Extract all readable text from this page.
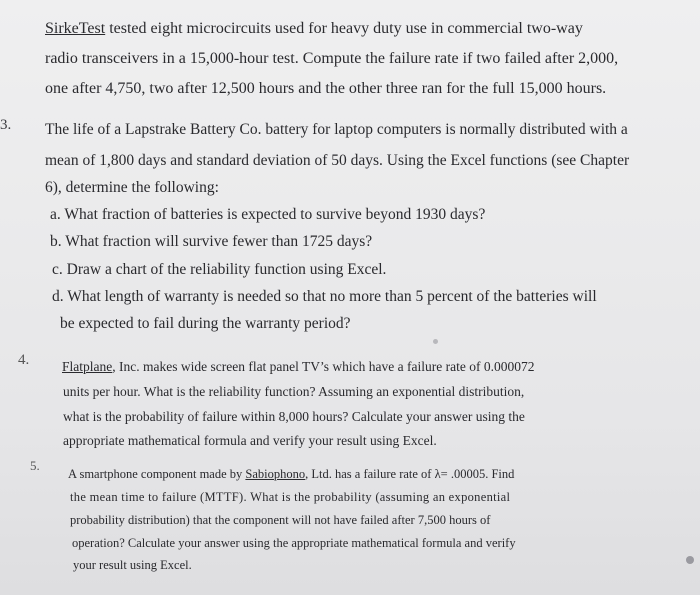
SirkeTest tested eight microcircuits used for heavy duty use in commercial two-way
radio transceivers in a 15,000-hour test. Compute the failure rate if two failed after 2,000,
one after 4,750, two after 12,500 hours and the other three ran for the full 15,000 hours.
3. The life of a Lapstrake Battery Co. battery for laptop computers is normally distributed with a
mean of 1,800 days and standard deviation of 50 days. Using the Excel functions (see Chapter
6), determine the following:
a. What fraction of batteries is expected to survive beyond 1930 days?
b. What fraction will survive fewer than 1725 days?
c. Draw a chart of the reliability function using Excel.
d. What length of warranty is needed so that no more than 5 percent of the batteries will
be expected to fail during the warranty period?
4. Flatplane, Inc. makes wide screen flat panel TV’s which have a failure rate of 0.000072
units per hour. What is the reliability function? Assuming an exponential distribution,
what is the probability of failure within 8,000 hours? Calculate your answer using the
appropriate mathematical formula and verify your result using Excel.
5.
A smartphone component made by Sabiophono, Ltd. has a failure rate of λ= .00005. Find
the mean time to failure (MTTF). What is the probability (assuming an exponential
probability distribution) that the component will not have failed after 7,500 hours of
operation? Calculate your answer using the appropriate mathematical formula and verify
your result using Excel.
